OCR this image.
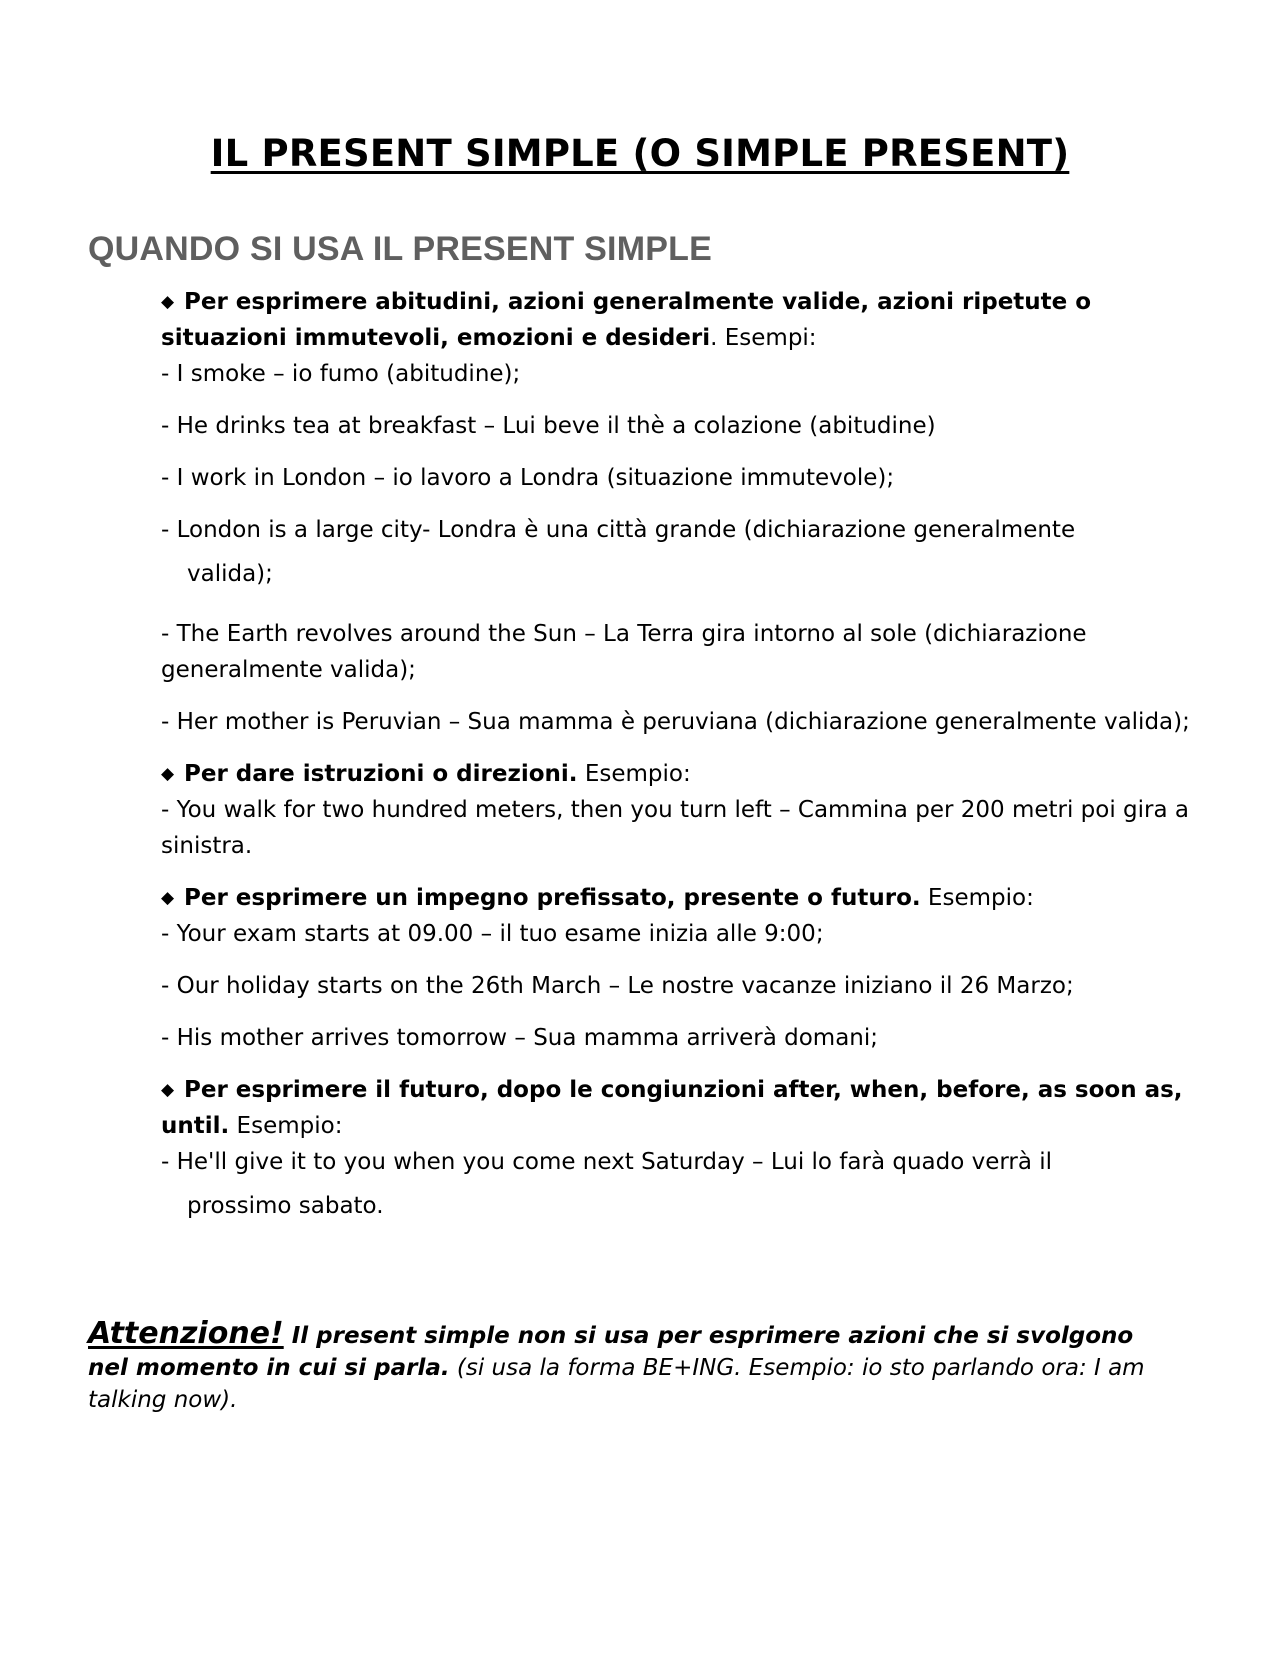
IL PRESENT SIMPLE (O SIMPLE PRESENT)
QUANDO SI USA IL PRESENT SIMPLE

◆ Per esprimere abitudini, azioni generalmente valide, azioni ripetute o situazioni immutevoli, emozioni e desideri. Esempi:

- I smoke – io fumo (abitudine);

- He drinks tea at breakfast – Lui beve il thè a colazione (abitudine)

- I work in London – io lavoro a Londra (situazione immutevole);

- London is a large city- Londra è una città grande (dichiarazione generalmente

valida);

- The Earth revolves around the Sun – La Terra gira intorno al sole (dichiarazione generalmente valida);

- Her mother is Peruvian – Sua mamma è peruviana (dichiarazione generalmente valida);

◆ Per dare istruzioni o direzioni. Esempio:

- You walk for two hundred meters, then you turn left – Cammina per 200 metri poi gira a sinistra.

◆ Per esprimere un impegno prefissato, presente o futuro. Esempio:

- Your exam starts at 09.00 – il tuo esame inizia alle 9:00;

- Our holiday starts on the 26th March – Le nostre vacanze iniziano il 26 Marzo;

- His mother arrives tomorrow – Sua mamma arriverà domani;

◆ Per esprimere il futuro, dopo le congiunzioni after, when, before, as soon as, until. Esempio:

- He'll give it to you when you come next Saturday – Lui lo farà quado verrà il

prossimo sabato.

Attenzione! Il present simple non si usa per esprimere azioni che si svolgono nel momento in cui si parla. (si usa la forma BE+ING. Esempio: io sto parlando ora: I am talking now).
